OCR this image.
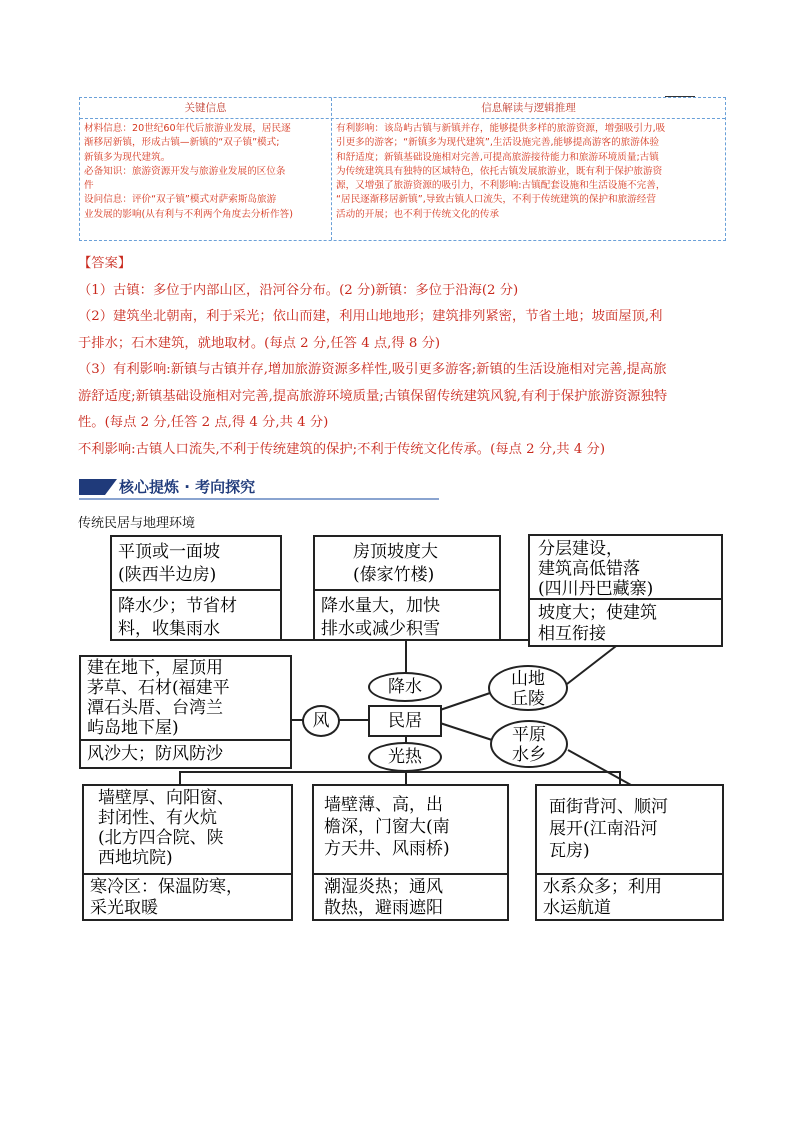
关键信息	信息解读与逻辑推理

材料信息：20世纪60年代后旅游业发展，居民逐

渐移居新镇，形成古镇—新镇的“双子镇”模式;

新镇多为现代建筑。

必备知识：旅游资源开发与旅游业发展的区位条

件

设问信息：评价“双子镇”模式对萨索斯岛旅游

业发展的影响(从有利与不利两个角度去分析作答)

有利影响：该岛屿古镇与新镇并存，能够提供多样的旅游资源，增强吸引力,吸

引更多的游客；“新镇多为现代建筑”,生活设施完善,能够提高游客的旅游体验

和舒适度；新镇基础设施相对完善,可提高旅游接待能力和旅游环境质量;古镇

为传统建筑具有独特的区域特色，依托古镇发展旅游业，既有利于保护旅游资

源，又增强了旅游资源的吸引力，不利影响:古镇配套设施和生活设施不完善，

“居民逐渐移居新镇”,导致古镇人口流失，不利于传统建筑的保护和旅游经营

活动的开展；也不利于传统文化的传承

【答案】

（1）古镇：多位于内部山区，沿河谷分布。(2 分)新镇：多位于沿海(2 分)

（2）建筑坐北朝南，利于采光；依山而建，利用山地地形；建筑排列紧密，节省土地；坡面屋顶,利

于排水；石木建筑，就地取材。(每点 2 分,任答 4 点,得 8 分)

（3）有利影响:新镇与古镇并存,增加旅游资源多样性,吸引更多游客;新镇的生活设施相对完善,提高旅

游舒适度;新镇基础设施相对完善,提高旅游环境质量;古镇保留传统建筑风貌,有利于保护旅游资源独特

性。(每点 2 分,任答 2 点,得 4 分,共 4 分)

不利影响:古镇人口流失,不利于传统建筑的保护;不利于传统文化传承。(每点 2 分,共 4 分)

核心提炼 · 考向探究
传统民居与地理环境

平顶或一面坡

(陕西半边房)

降水少；节省材

料，收集雨水

房顶坡度大

(傣家竹楼)

降水量大，加快

排水或减少积雪

分层建设，

建筑高低错落

(四川丹巴藏寨)

坡度大；使建筑

相互衔接

建在地下，屋顶用

茅草、石材(福建平

潭石头厝、台湾兰

屿岛地下屋)

风沙大；防风防沙

墙壁厚、向阳窗、

封闭性、有火炕

(北方四合院、陕

西地坑院)

寒冷区：保温防寒，

采光取暖

墙壁薄、高，出

檐深，门窗大(南

方天井、风雨桥)

潮湿炎热；通风

散热，避雨遮阳

面街背河、顺河

展开(江南沿河

瓦房)

水系众多；利用

水运航道

民居
降水
风
光热
山地
丘陵
平原
水乡
